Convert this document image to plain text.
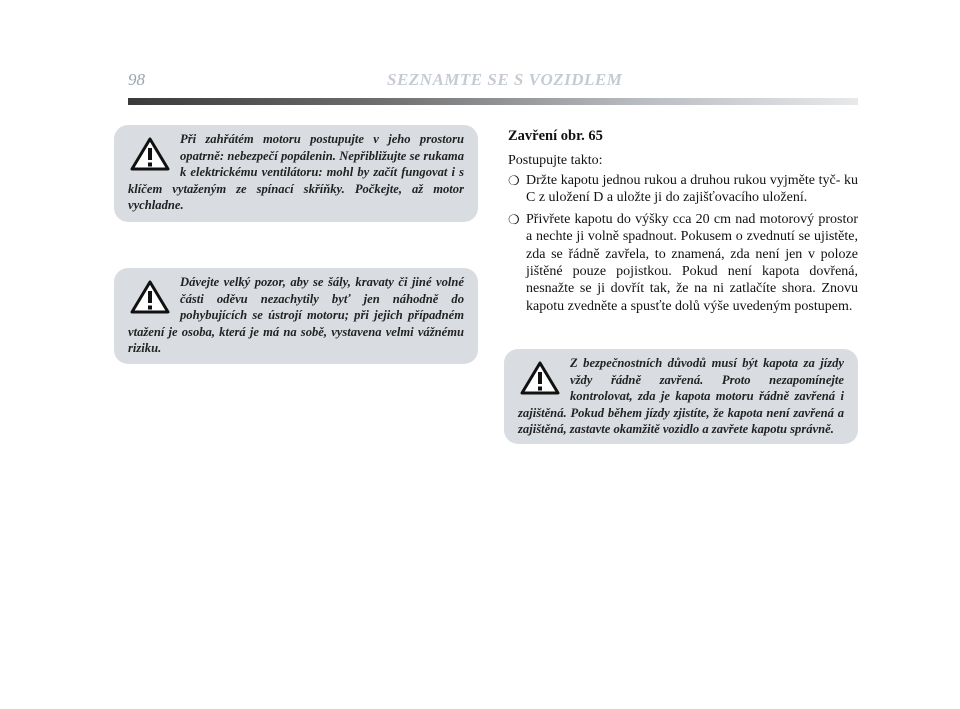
98	SEZNAMTE SE S VOZIDLEM

Při zahřátém motoru postupujte v jeho prostoru opatrně: nebezpečí popálenin. Nepřibližujte se rukama k elektrickému ventilátoru: mohl by začít fungovat i s klíčem vytaženým ze spínací skříňky. Počkejte, až motor vychladne.

Dávejte velký pozor, aby se šály, kravaty či jiné volné části oděvu nezachytily byť jen náhodně do pohybujících se ústrojí motoru; při jejich případném vtažení je osoba, která je má na sobě, vystavena velmi vážnému riziku.

Zavření obr. 65
Postupujte takto:
❍ Držte kapotu jednou rukou a druhou rukou vyjměte tyč- ku C z uložení D a uložte ji do zajišťovacího uložení.
❍ Přivřete kapotu do výšky cca 20 cm nad motorový prostor a nechte ji volně spadnout. Pokusem o zvednutí se ujistěte, zda se řádně zavřela, to znamená, zda není jen v poloze jištěné pouze pojistkou. Pokud není kapota dovřená, nesnažte se ji dovřít tak, že na ni zatlačíte shora. Znovu kapotu zvedněte a spusťte dolů výše uvedeným postupem.

Z bezpečnostních důvodů musí být kapota za jízdy vždy řádně zavřená. Proto nezapomínejte kontrolovat, zda je kapota motoru řádně zavřená i zajištěná. Pokud během jízdy zjistíte, že kapota není zavřená a zajištěná, zastavte okamžitě vozidlo a zavřete kapotu správně.
